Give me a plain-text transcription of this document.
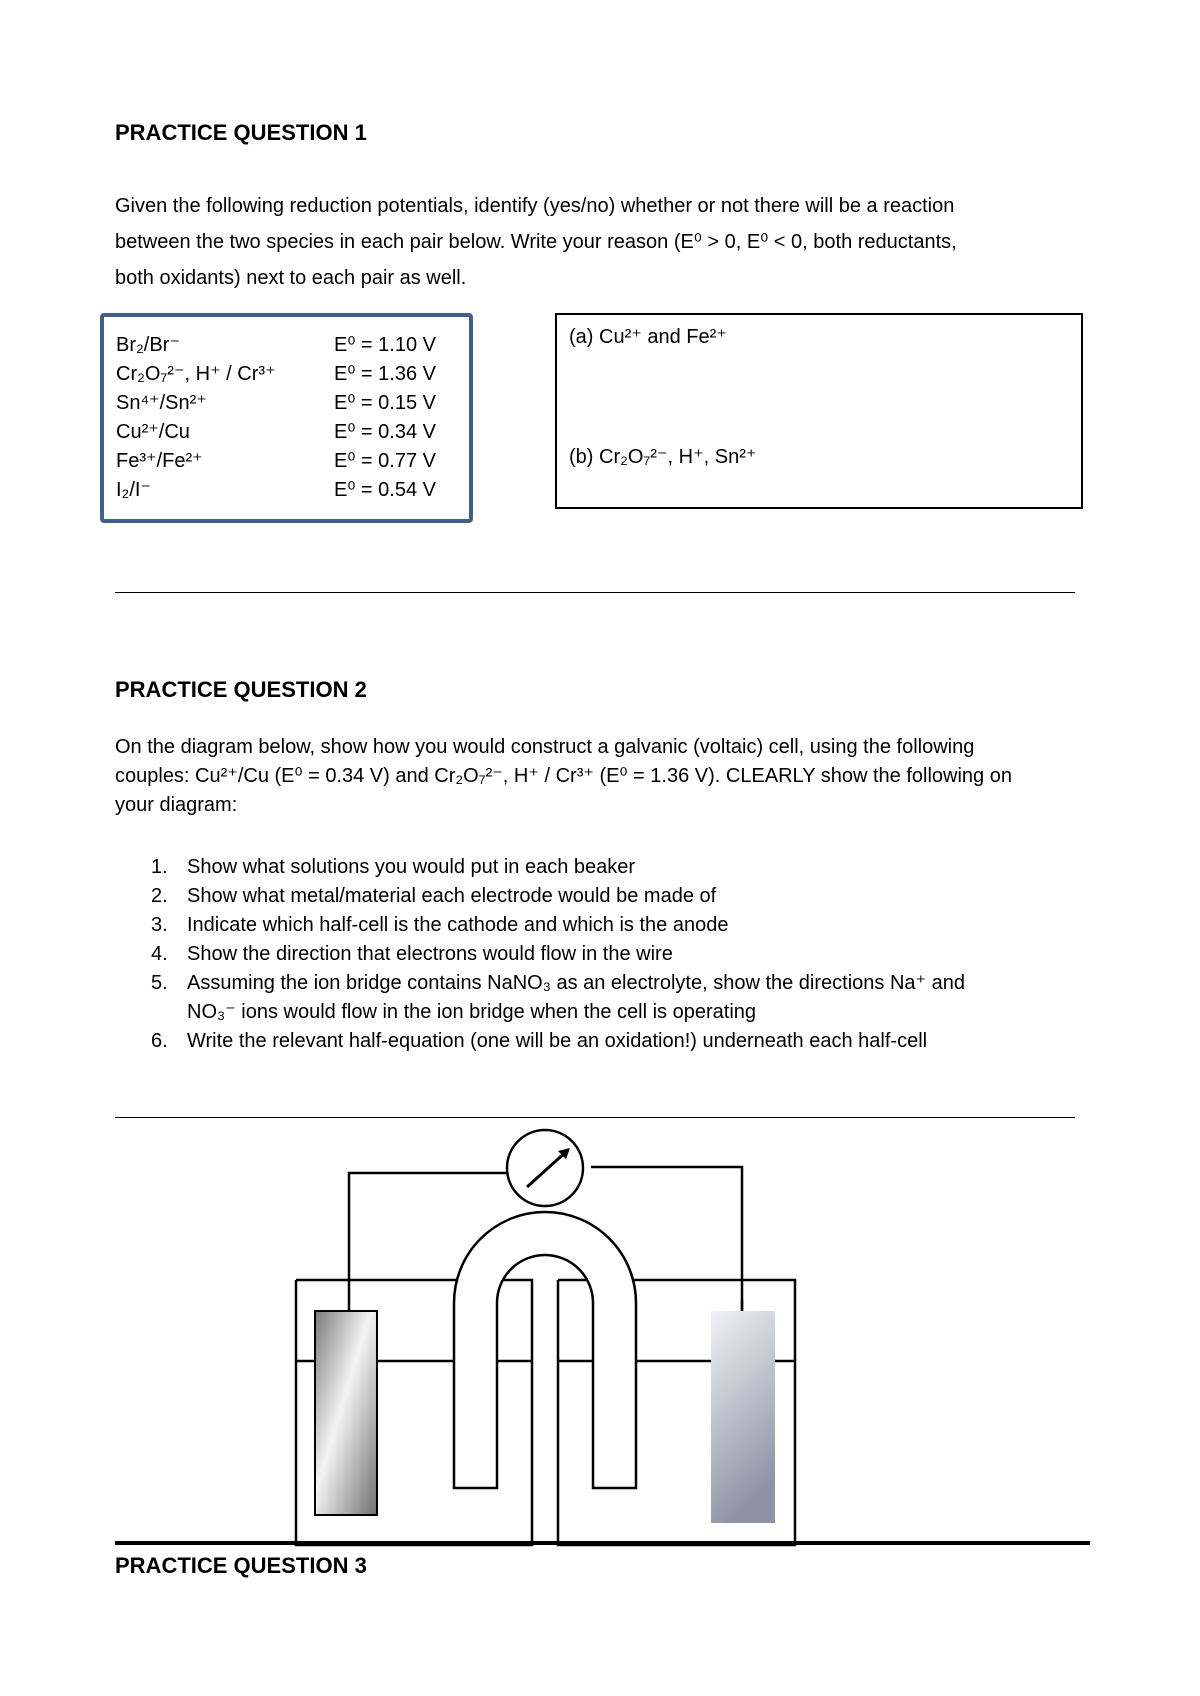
PRACTICE QUESTION 1
Given the following reduction potentials, identify (yes/no) whether or not there will be a reaction
between the two species in each pair below. Write your reason (E⁰ > 0, E⁰ < 0, both reductants,
both oxidants) next to each pair as well.
Br₂/Br⁻	E⁰ = 1.10 V
Cr₂O₇²⁻, H⁺ / Cr³⁺	E⁰ = 1.36 V
Sn⁴⁺/Sn²⁺	E⁰ = 0.15 V
Cu²⁺/Cu	E⁰ = 0.34 V
Fe³⁺/Fe²⁺	E⁰ = 0.77 V
I₂/I⁻	E⁰ = 0.54 V
(a) Cu²⁺ and Fe²⁺
(b) Cr₂O₇²⁻, H⁺, Sn²⁺
PRACTICE QUESTION 2
On the diagram below, show how you would construct a galvanic (voltaic) cell, using the following
couples: Cu²⁺/Cu (E⁰ = 0.34 V) and Cr₂O₇²⁻, H⁺ / Cr³⁺ (E⁰ = 1.36 V). CLEARLY show the following on
your diagram:
1. Show what solutions you would put in each beaker
2. Show what metal/material each electrode would be made of
3. Indicate which half-cell is the cathode and which is the anode
4. Show the direction that electrons would flow in the wire
5. Assuming the ion bridge contains NaNO₃ as an electrolyte, show the directions Na⁺ and
NO₃⁻ ions would flow in the ion bridge when the cell is operating
6. Write the relevant half-equation (one will be an oxidation!) underneath each half-cell
PRACTICE QUESTION 3
